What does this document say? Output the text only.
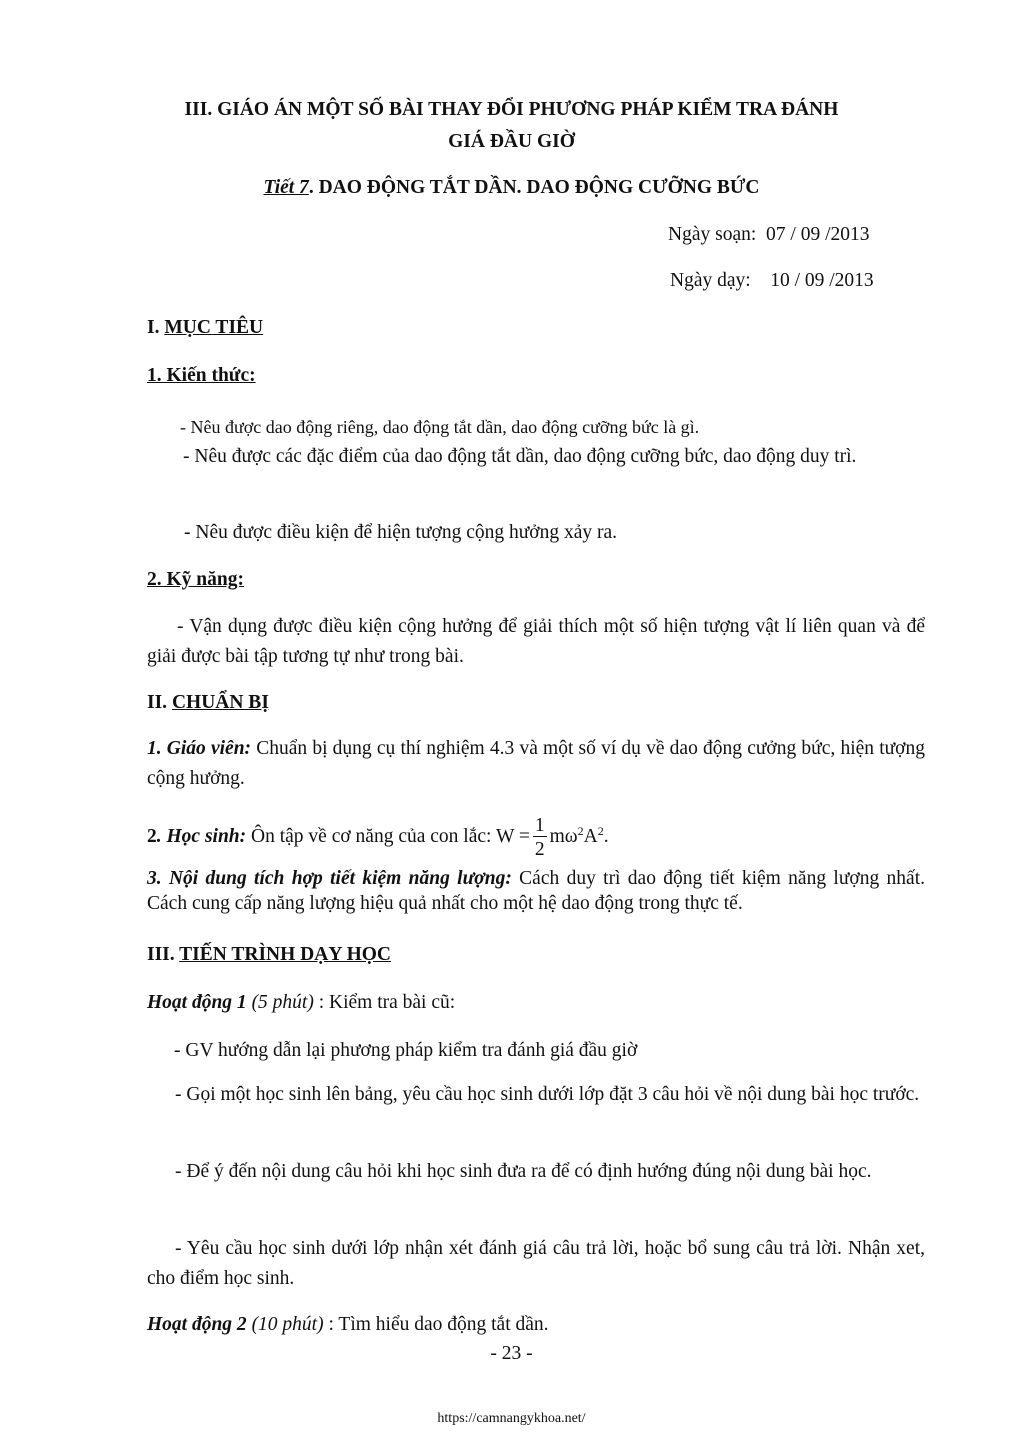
III. GIÁO ÁN MỘT SỐ BÀI THAY ĐỔI PHƯƠNG PHÁP KIỂM TRA ĐÁNH
GIÁ ĐẦU GIỜ
Tiết 7. DAO ĐỘNG TẮT DẦN. DAO ĐỘNG CƯỠNG BỨC
Ngày soạn: 07 / 09 /2013
Ngày dạy: 10 / 09 /2013
I. MỤC TIÊU
1. Kiến thức:
- Nêu được dao động riêng, dao động tắt dần, dao động cưỡng bức là gì.
- Nêu được các đặc điểm của dao động tắt dần, dao động cưỡng bức, dao động duy trì.
- Nêu được điều kiện để hiện tượng cộng hưởng xảy ra.
2. Kỹ năng:
- Vận dụng được điều kiện cộng hưởng để giải thích một số hiện tượng vật lí liên quan và để giải được bài tập tương tự như trong bài.
II. CHUẨN BỊ
1. Giáo viên: Chuẩn bị dụng cụ thí nghiệm 4.3 và một số ví dụ về dao động cưởng bức, hiện tượng cộng hưởng.
2. Học sinh: Ôn tập về cơ năng của con lắc: $W = \frac{1}{2} m\omega^2A^2$.
3. Nội dung tích hợp tiết kiệm năng lượng: Cách duy trì dao động tiết kiệm năng lượng nhất. Cách cung cấp năng lượng hiệu quả nhất cho một hệ dao động trong thực tế.
III. TIẾN TRÌNH DẠY HỌC
Hoạt động 1 (5 phút) : Kiểm tra bài cũ:
- GV hướng dẫn lại phương pháp kiểm tra đánh giá đầu giờ
- Gọi một học sinh lên bảng, yêu cầu học sinh dưới lớp đặt 3 câu hỏi về nội dung bài học trước.
- Để ý đến nội dung câu hỏi khi học sinh đưa ra để có định hướng đúng nội dung bài học.
- Yêu cầu học sinh dưới lớp nhận xét đánh giá câu trả lời, hoặc bổ sung câu trả lời. Nhận xet, cho điểm học sinh.
Hoạt động 2 (10 phút) : Tìm hiểu dao động tắt dần.
- 23 -
https://camnangykhoa.net/
